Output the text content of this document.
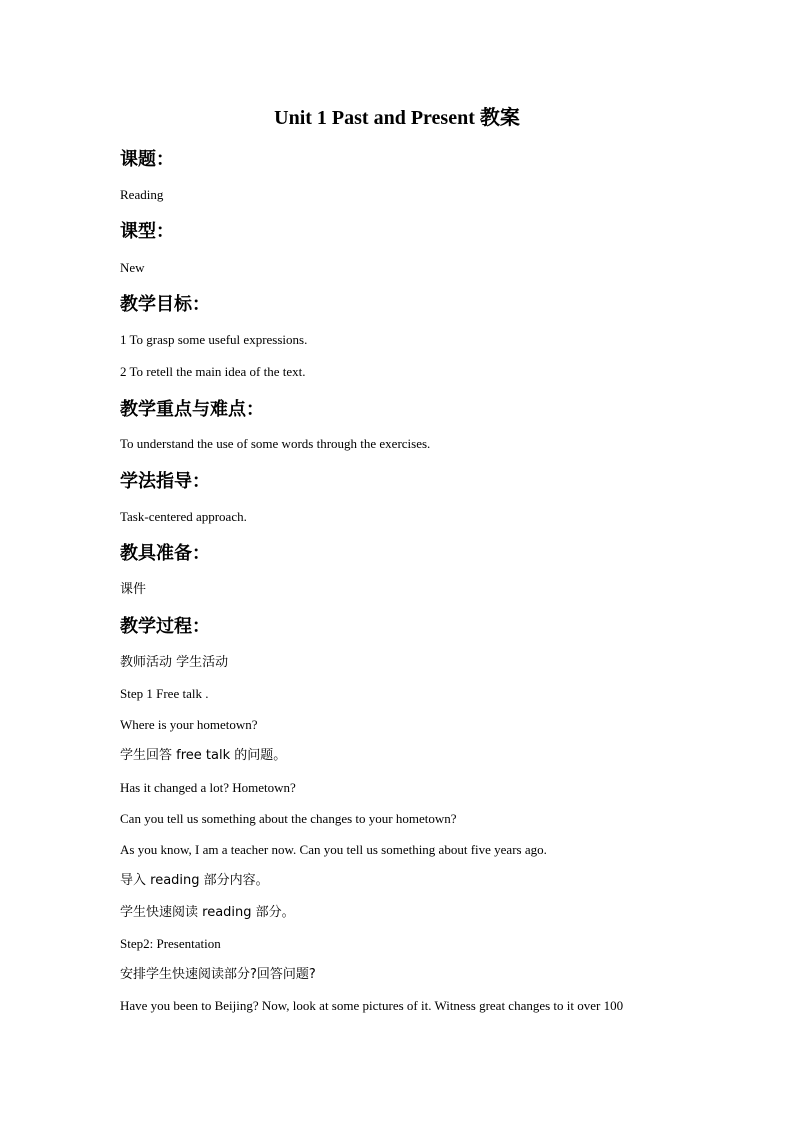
Unit 1 Past and Present 教案
课题：
Reading
课型：
New
教学目标：
1 To grasp some useful expressions.
2 To retell the main idea of the text.
教学重点与难点：
To understand the use of some words through the exercises.
学法指导：
Task-centered approach.
教具准备：
课件
教学过程：
教师活动 学生活动
Step 1 Free talk .
Where is your hometown?
学生回答 free talk 的问题。
Has it changed a lot? Hometown?
Can you tell us something about the changes to your hometown?
As you know, I am a teacher now. Can you tell us something about five years ago.
导入 reading 部分内容。
学生快速阅读 reading 部分。
Step2: Presentation
安排学生快速阅读部分?回答问题?
Have you been to Beijing? Now, look at some pictures of it. Witness great changes to it over 100
